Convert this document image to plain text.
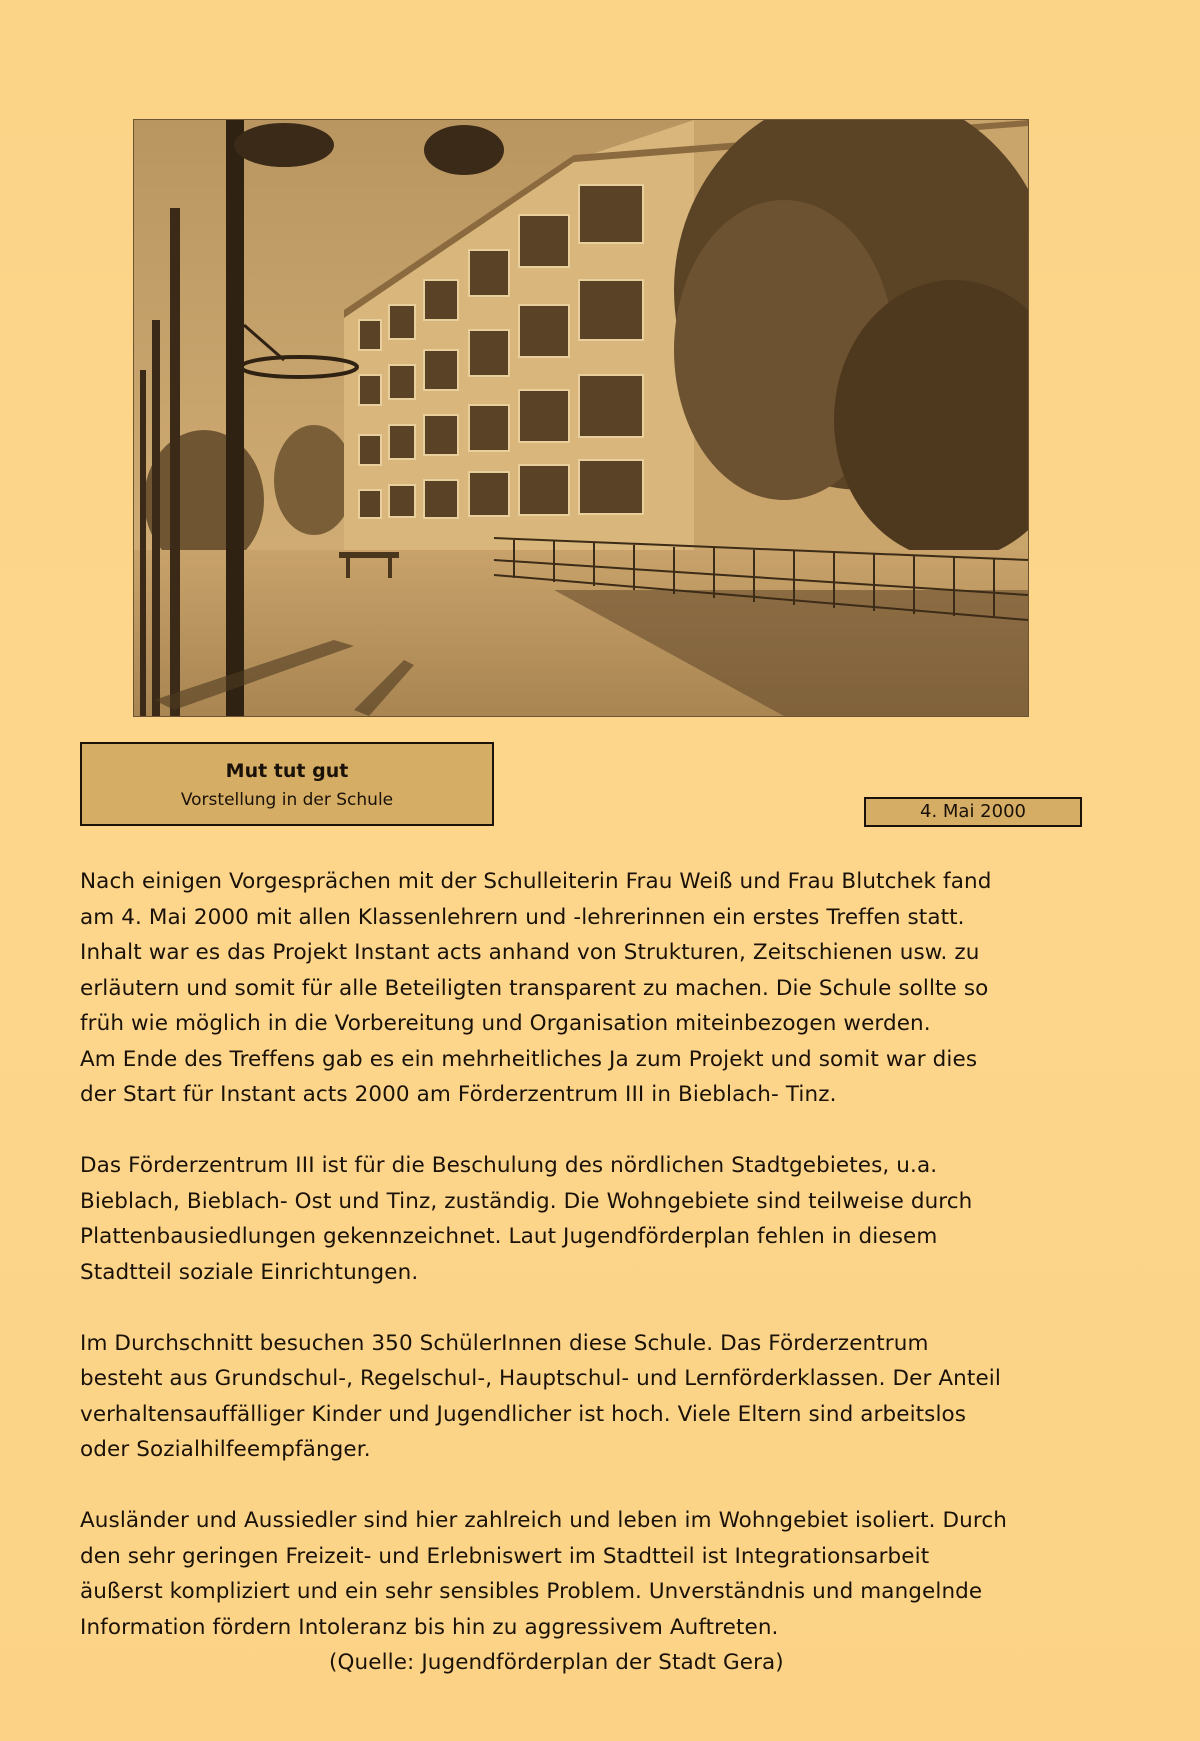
Mut tut gut
Vorstellung in der Schule
4. Mai 2000
Nach einigen Vorgesprächen mit der Schulleiterin Frau Weiß und Frau Blutchek fand
am 4. Mai 2000 mit allen Klassenlehrern und -lehrerinnen ein erstes Treffen statt.
Inhalt war es das Projekt Instant acts anhand von Strukturen, Zeitschienen usw. zu
erläutern und somit für alle Beteiligten transparent zu machen. Die Schule sollte so
früh wie möglich in die Vorbereitung und Organisation miteinbezogen werden.
Am Ende des Treffens gab es ein mehrheitliches Ja zum Projekt und somit war dies
der Start für Instant acts 2000 am Förderzentrum III in Bieblach- Tinz.
Das Förderzentrum III ist für die Beschulung des nördlichen Stadtgebietes, u.a.
Bieblach, Bieblach- Ost und Tinz, zuständig. Die Wohngebiete sind teilweise durch
Plattenbausiedlungen gekennzeichnet. Laut Jugendförderplan fehlen in diesem
Stadtteil soziale Einrichtungen.
Im Durchschnitt besuchen 350 SchülerInnen diese Schule. Das Förderzentrum
besteht aus Grundschul-, Regelschul-, Hauptschul- und Lernförderklassen. Der Anteil
verhaltensauffälliger Kinder und Jugendlicher ist hoch. Viele Eltern sind arbeitslos
oder Sozialhilfeempfänger.
Ausländer und Aussiedler sind hier zahlreich und leben im Wohngebiet isoliert. Durch
den sehr geringen Freizeit- und Erlebniswert im Stadtteil ist Integrationsarbeit
äußerst kompliziert und ein sehr sensibles Problem. Unverständnis und mangelnde
Information fördern Intoleranz bis hin zu aggressivem Auftreten.
(Quelle: Jugendförderplan der Stadt Gera)
